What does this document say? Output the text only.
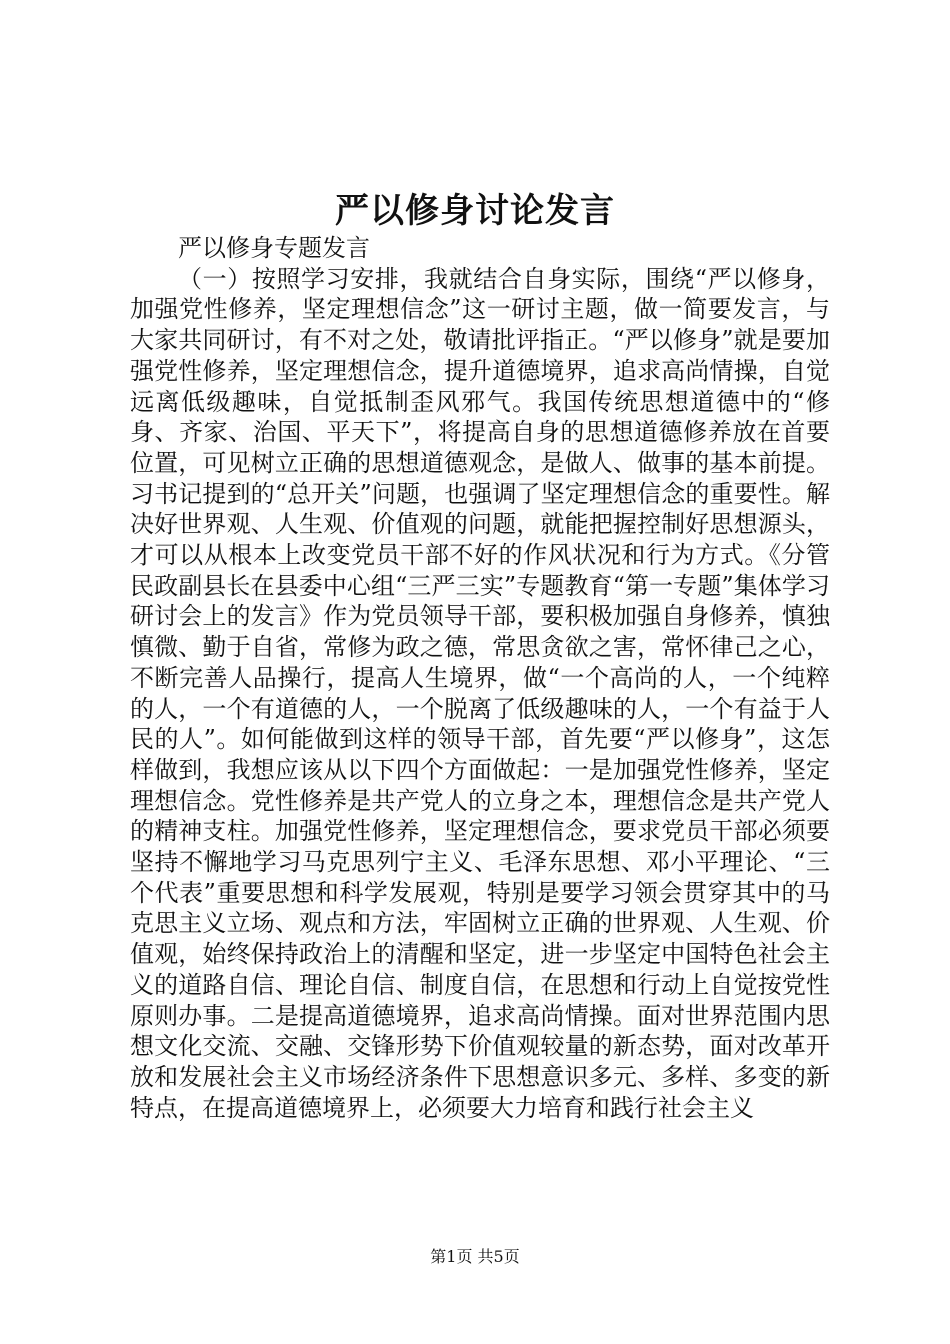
严以修身讨论发言

严以修身专题发言

（一）按照学习安排，我就结合自身实际，围绕“严以修身，加强党性修养，坚定理想信念”这一研讨主题，做一简要发言，与大家共同研讨，有不对之处，敬请批评指正。“严以修身”就是要加强党性修养，坚定理想信念，提升道德境界，追求高尚情操，自觉远离低级趣味，自觉抵制歪风邪气。我国传统思想道德中的“修身、齐家、治国、平天下”，将提高自身的思想道德修养放在首要位置，可见树立正确的思想道德观念，是做人、做事的基本前提。习书记提到的“总开关”问题，也强调了坚定理想信念的重要性。解决好世界观、人生观、价值观的问题，就能把握控制好思想源头，才可以从根本上改变党员干部不好的作风状况和行为方式。《分管民政副县长在县委中心组“三严三实”专题教育“第一专题”集体学习研讨会上的发言》作为党员领导干部，要积极加强自身修养，慎独慎微、勤于自省，常修为政之德，常思贪欲之害，常怀律己之心，不断完善人品操行，提高人生境界，做“一个高尚的人，一个纯粹的人，一个有道德的人，一个脱离了低级趣味的人，一个有益于人民的人”。如何能做到这样的领导干部，首先要“严以修身”，这怎样做到，我想应该从以下四个方面做起：一是加强党性修养，坚定理想信念。党性修养是共产党人的立身之本，理想信念是共产党人的精神支柱。加强党性修养，坚定理想信念，要求党员干部必须要坚持不懈地学习马克思列宁主义、毛泽东思想、邓小平理论、“三个代表”重要思想和科学发展观，特别是要学习领会贯穿其中的马克思主义立场、观点和方法，牢固树立正确的世界观、人生观、价值观，始终保持政治上的清醒和坚定，进一步坚定中国特色社会主义的道路自信、理论自信、制度自信，在思想和行动上自觉按党性原则办事。二是提高道德境界，追求高尚情操。面对世界范围内思想文化交流、交融、交锋形势下价值观较量的新态势，面对改革开放和发展社会主义市场经济条件下思想意识多元、多样、多变的新特点，在提高道德境界上，必须要大力培育和践行社会主义

第1页 共5页
